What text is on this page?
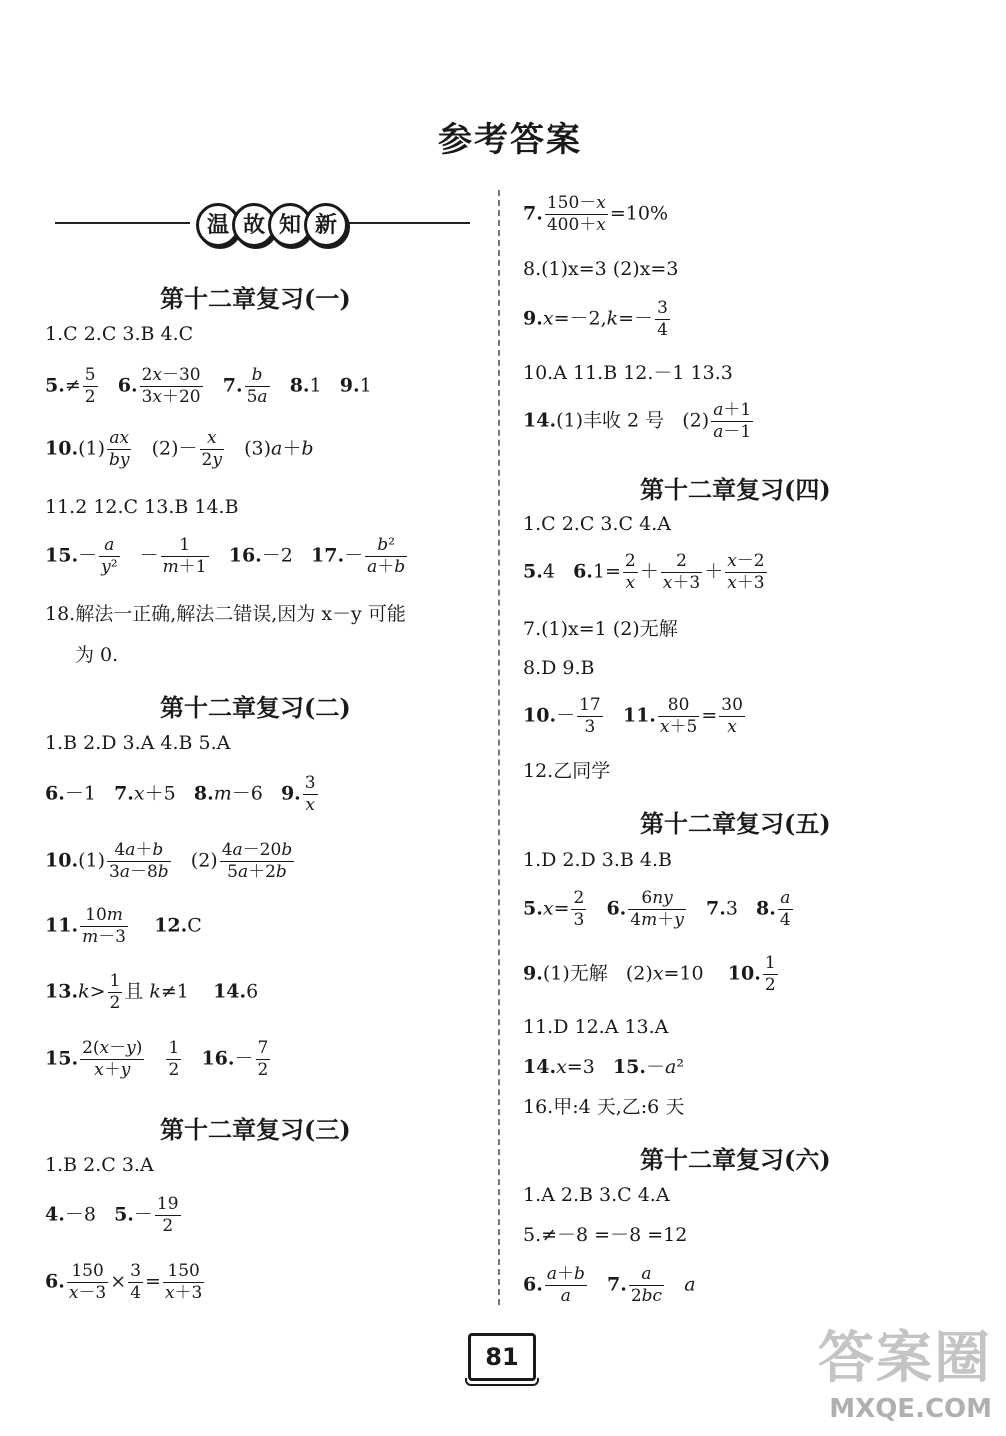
参考答案
温 故 知 新
第十二章复习(一)
1.C 2.C 3.B 4.C
$5.\ne \frac{5}{2} 6$. $\frac{2x-30}{3x+20} 7$. $\frac{b}{5a} 8.1$   9.1
$10.(1) \frac{ax}{by} (2)- \frac{x}{2y} (3)a+b$
11.2 12.C 13.B 14.B
$15.- \frac{a}{\text{y²}} - \frac{1}{m+1} 16.-2$   $17.- \frac{\text{b²}}{a+b}$
18.解法一正确,解法二错误,因为 x－y 可能
为 0.
第十二章复习(二)
1.B 2.D 3.A 4.B 5.A
6.－1   7.x＋5   8.m－6   9. $\frac{3}{x}$
$10.(1) \frac{4a+b}{3a-8b} (2) \frac{4a-20b}{5a+2b}$
11. $\frac{10m}{m-3} 12.C$
$13.k> \frac{1}{2}$ 且 k≠1    14.6
15. $\frac{2(x-y)}{x+y}$
$\frac{1}{2} 16.- \frac{7}{2}$
第十二章复习(三)
1.B 2.C 3.A
4.－8   $5.- \frac{19}{2}$
6. $\frac{150}{x-3} \times \frac{3}{4} = \frac{150}{x+3}$
7. $\frac{150-x}{400+x} =10\%$
8.(1)x=3 (2)x=3
$9.x=-2,k=- \frac{3}{4}$
10.A 11.B 12.－1 13.3
14.(1)丰收 2 号   $(2) \frac{a+1}{a-1}$
第十二章复习(四)
1.C 2.C 3.C 4.A
5.4   $6.1= \frac{2}{x} + \frac{2}{x+3} + \frac{x-2}{x+3}$
7.(1)x=1 (2)无解
8.D 9.B
$10.- \frac{17}{3} 11$. $\frac{80}{x+5} = \frac{30}{x}$
12.乙同学
第十二章复习(五)
1.D 2.D 3.B 4.B
$5.x= \frac{2}{3} 6$. $\frac{6ny}{4m+y} 7.3$   8. $\frac{a}{4}$
9.(1)无解   (2)x=10    10. $\frac{1}{2}$
11.D 12.A 13.A
14.x=3   15.－a²
16.甲:4 天,乙:6 天
第十二章复习(六)
1.A 2.B 3.C 4.A
5.≠－8 =－8 =12
6. $\frac{a+b}{a} 7$. $\frac{a}{2bc}$ a
81	答案圈
MXQE.COM
